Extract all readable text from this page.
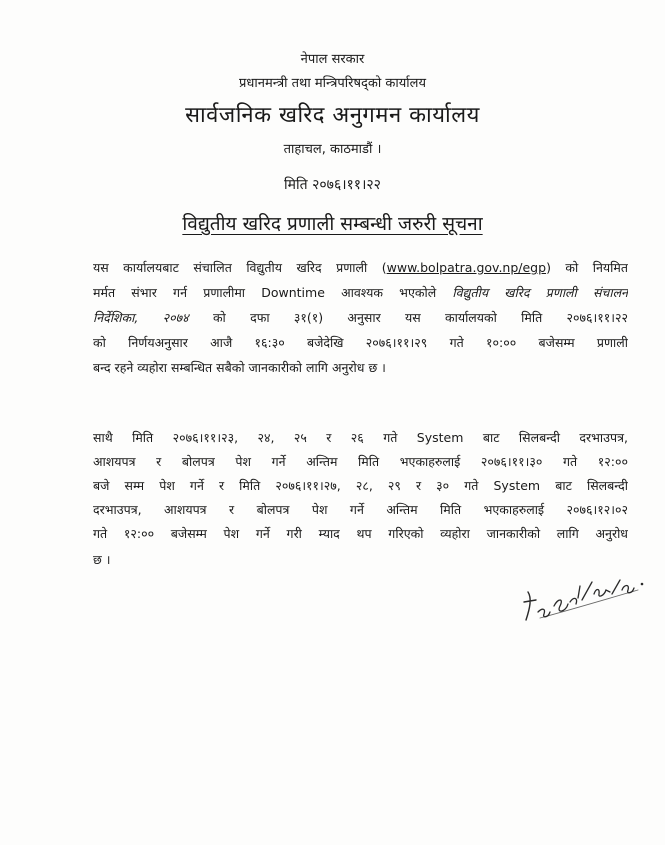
नेपाल सरकार
प्रधानमन्त्री तथा मन्त्रिपरिषद्‌को कार्यालय
सार्वजनिक खरिद अनुगमन कार्यालय
ताहाचल, काठमाडौं ।
मिति २०७६।११।२२
विद्युतीय खरिद प्रणाली सम्बन्धी जरुरी सूचना
यस कार्यालयबाट संचालित विद्युतीय खरिद प्रणाली (www.bolpatra.gov.np/egp) को नियमित
मर्मत संभार गर्न प्रणालीमा Downtime आवश्यक भएकोले विद्युतीय खरिद प्रणाली संचालन
निर्देशिका, २०७४ को दफा ३१(१) अनुसार यस कार्यालयको मिति २०७६।११।२२
को निर्णयअनुसार आजै १६:३० बजेदेखि २०७६।११।२९ गते १०:०० बजेसम्म प्रणाली
बन्द रहने व्यहोरा सम्बन्धित सबैको जानकारीको लागि अनुरोध छ ।
साथै मिति २०७६।११।२३, २४, २५ र २६ गते System बाट सिलबन्दी दरभाउपत्र,
आशयपत्र र बोलपत्र पेश गर्ने अन्तिम मिति भएकाहरुलाई २०७६।११।३० गते १२:००
बजे सम्म पेश गर्ने र मिति २०७६।११।२७, २८, २९ र ३० गते System बाट सिलबन्दी
दरभाउपत्र, आशयपत्र र बोलपत्र पेश गर्ने अन्तिम मिति भएकाहरुलाई २०७६।१२।०२
गते १२:०० बजेसम्म पेश गर्ने गरी म्याद थप गरिएको व्यहोरा जानकारीको लागि अनुरोध
छ ।
